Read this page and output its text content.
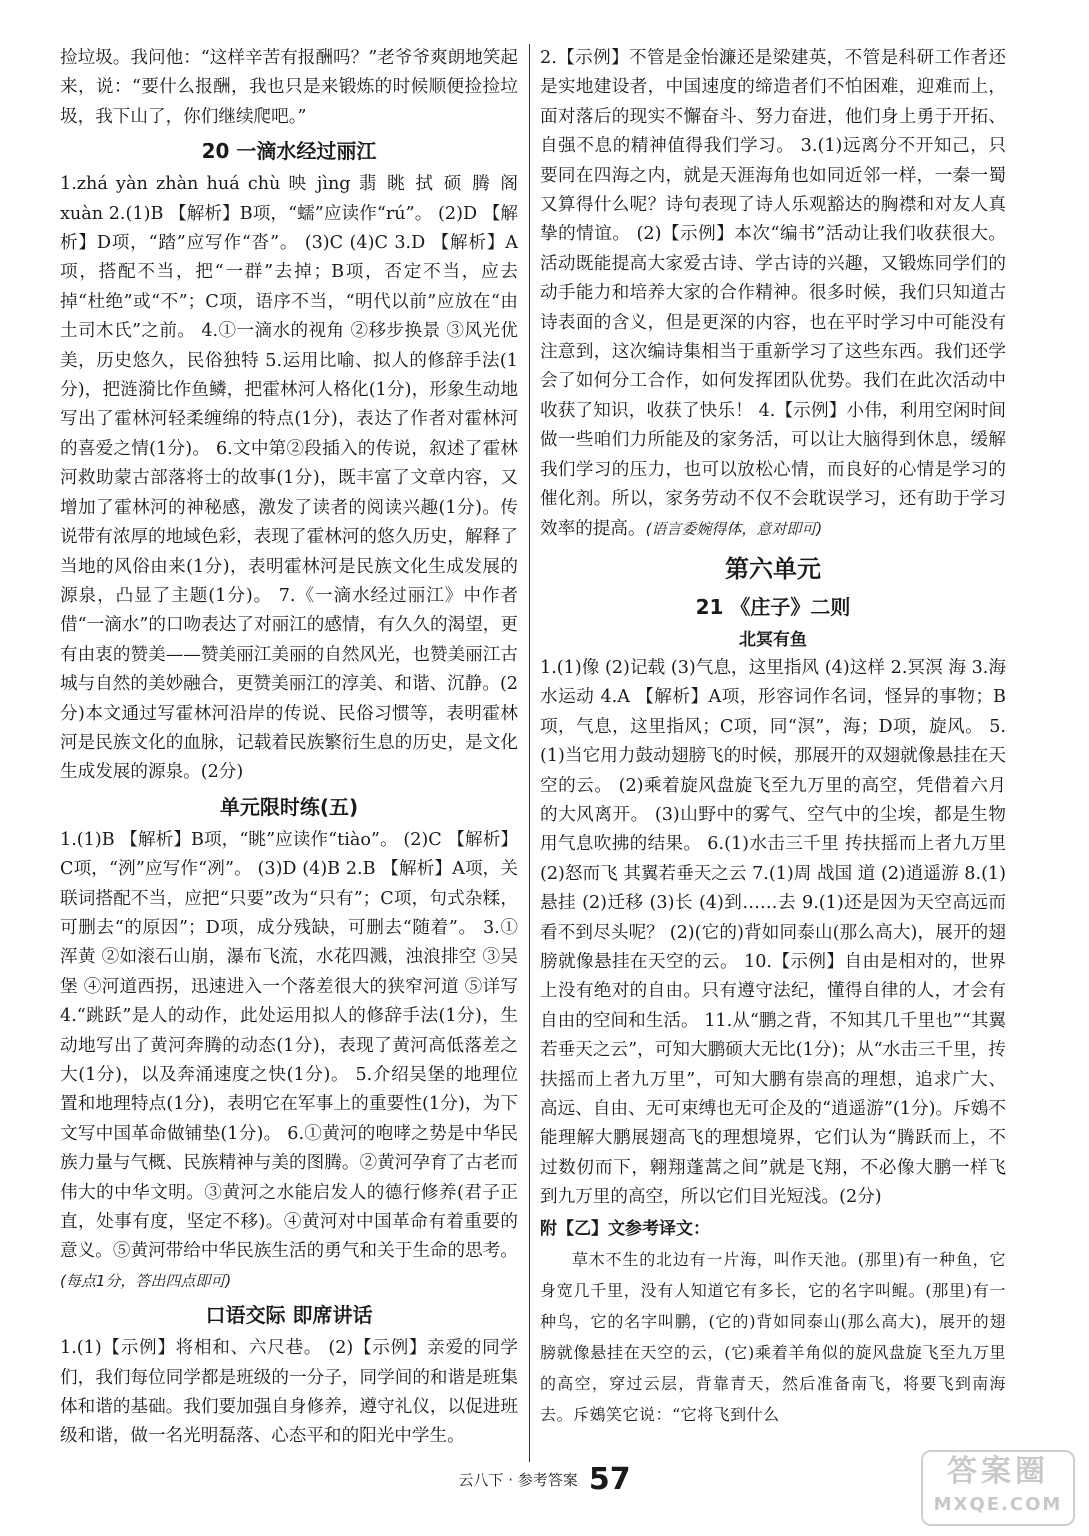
捡垃圾。我问他：“这样辛苦有报酬吗？”老爷爷爽朗地笑起来，说：“要什么报酬，我也只是来锻炼的时候顺便捡捡垃圾，我下山了，你们继续爬吧。”

20 一滴水经过丽江

1.zhá yàn zhàn huá chù 映 jìng 翡 眺 拭 硕 腾 阁 xuàn 2.(1)B 【解析】B项，“蠕”应读作“rú”。 (2)D 【解析】D项，“踏”应写作“沓”。 (3)C (4)C 3.D 【解析】A项，搭配不当，把“一群”去掉；B项，否定不当，应去掉“杜绝”或“不”；C项，语序不当，“明代以前”应放在“由土司木氏”之前。 4.①一滴水的视角 ②移步换景 ③风光优美，历史悠久，民俗独特 5.运用比喻、拟人的修辞手法(1分)，把涟漪比作鱼鳞，把霍林河人格化(1分)，形象生动地写出了霍林河轻柔缠绵的特点(1分)，表达了作者对霍林河的喜爱之情(1分)。 6.文中第②段插入的传说，叙述了霍林河救助蒙古部落将士的故事(1分)，既丰富了文章内容，又增加了霍林河的神秘感，激发了读者的阅读兴趣(1分)。传说带有浓厚的地域色彩，表现了霍林河的悠久历史，解释了当地的风俗由来(1分)，表明霍林河是民族文化生成发展的源泉，凸显了主题(1分)。 7.《一滴水经过丽江》中作者借“一滴水”的口吻表达了对丽江的感情，有久久的渴望，更有由衷的赞美——赞美丽江美丽的自然风光，也赞美丽江古城与自然的美妙融合，更赞美丽江的淳美、和谐、沉静。(2分)本文通过写霍林河沿岸的传说、民俗习惯等，表明霍林河是民族文化的血脉，记载着民族繁衍生息的历史，是文化生成发展的源泉。(2分)

单元限时练(五)

1.(1)B 【解析】B项，“眺”应读作“tiào”。 (2)C 【解析】C项，“洌”应写作“冽”。 (3)D (4)B 2.B 【解析】A项，关联词搭配不当，应把“只要”改为“只有”；C项，句式杂糅，可删去“的原因”；D项，成分残缺，可删去“随着”。 3.①浑黄 ②如滚石山崩，瀑布飞流，水花四溅，浊浪排空 ③吴堡 ④河道西拐，迅速进入一个落差很大的狭窄河道 ⑤详写 4.“跳跃”是人的动作，此处运用拟人的修辞手法(1分)，生动地写出了黄河奔腾的动态(1分)，表现了黄河高低落差之大(1分)，以及奔涌速度之快(1分)。 5.介绍吴堡的地理位置和地理特点(1分)，表明它在军事上的重要性(1分)，为下文写中国革命做铺垫(1分)。 6.①黄河的咆哮之势是中华民族力量与气概、民族精神与美的图腾。②黄河孕育了古老而伟大的中华文明。③黄河之水能启发人的德行修养(君子正直，处事有度，坚定不移)。④黄河对中国革命有着重要的意义。⑤黄河带给中华民族生活的勇气和关于生命的思考。(每点1分，答出四点即可)

口语交际 即席讲话

1.(1)【示例】将相和、六尺巷。 (2)【示例】亲爱的同学们，我们每位同学都是班级的一分子，同学间的和谐是班集体和谐的基础。我们要加强自身修养，遵守礼仪，以促进班级和谐，做一名光明磊落、心态平和的阳光中学生。

2.【示例】不管是金怡濂还是梁建英，不管是科研工作者还是实地建设者，中国速度的缔造者们不怕困难，迎难而上，面对落后的现实不懈奋斗、努力奋进，他们身上勇于开拓、自强不息的精神值得我们学习。 3.(1)远离分不开知己，只要同在四海之内，就是天涯海角也如同近邻一样，一秦一蜀又算得什么呢？诗句表现了诗人乐观豁达的胸襟和对友人真挚的情谊。 (2)【示例】本次“编书”活动让我们收获很大。活动既能提高大家爱古诗、学古诗的兴趣，又锻炼同学们的动手能力和培养大家的合作精神。很多时候，我们只知道古诗表面的含义，但是更深的内容，也在平时学习中可能没有注意到，这次编诗集相当于重新学习了这些东西。我们还学会了如何分工合作，如何发挥团队优势。我们在此次活动中收获了知识，收获了快乐！ 4.【示例】小伟，利用空闲时间做一些咱们力所能及的家务活，可以让大脑得到休息，缓解我们学习的压力，也可以放松心情，而良好的心情是学习的催化剂。所以，家务劳动不仅不会耽误学习，还有助于学习效率的提高。(语言委婉得体，意对即可)

第六单元
21 《庄子》二则
北冥有鱼

1.(1)像 (2)记载 (3)气息，这里指风 (4)这样 2.冥溟 海 3.海水运动 4.A 【解析】A项，形容词作名词，怪异的事物；B项，气息，这里指风；C项，同“溟”，海；D项，旋风。 5.(1)当它用力鼓动翅膀飞的时候，那展开的双翅就像悬挂在天空的云。 (2)乘着旋风盘旋飞至九万里的高空，凭借着六月的大风离开。 (3)山野中的雾气、空气中的尘埃，都是生物用气息吹拂的结果。 6.(1)水击三千里 抟扶摇而上者九万里 (2)怒而飞 其翼若垂天之云 7.(1)周 战国 道 (2)逍遥游 8.(1)悬挂 (2)迁移 (3)长 (4)到……去 9.(1)还是因为天空高远而看不到尽头呢？ (2)(它的)背如同泰山(那么高大)，展开的翅膀就像悬挂在天空的云。 10.【示例】自由是相对的，世界上没有绝对的自由。只有遵守法纪，懂得自律的人，才会有自由的空间和生活。 11.从“鹏之背，不知其几千里也”“其翼若垂天之云”，可知大鹏硕大无比(1分)；从“水击三千里，抟扶摇而上者九万里”，可知大鹏有崇高的理想，追求广大、高远、自由、无可束缚也无可企及的“逍遥游”(1分)。斥鴳不能理解大鹏展翅高飞的理想境界，它们认为“腾跃而上，不过数仞而下，翱翔蓬蒿之间”就是飞翔，不必像大鹏一样飞到九万里的高空，所以它们目光短浅。(2分)

附【乙】文参考译文：

草木不生的北边有一片海，叫作天池。(那里)有一种鱼，它身宽几千里，没有人知道它有多长，它的名字叫鲲。(那里)有一种鸟，它的名字叫鹏，(它的)背如同泰山(那么高大)，展开的翅膀就像悬挂在天空的云，(它)乘着羊角似的旋风盘旋飞至九万里的高空，穿过云层，背靠青天，然后准备南飞，将要飞到南海去。斥鴳笑它说：“它将飞到什么

云八下 · 参考答案 57	答案圈
MXQE.COM
